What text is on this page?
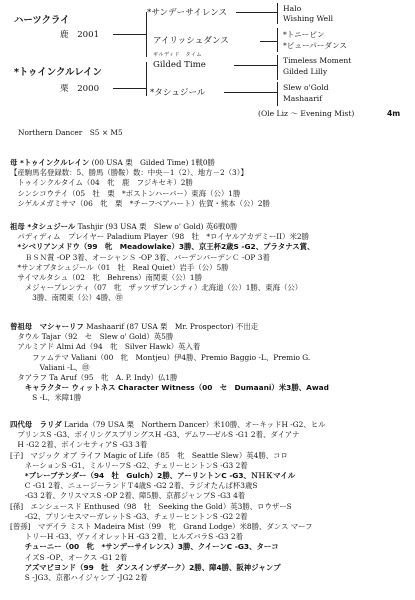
ハーツクライ
鹿　2001
*トゥインクルレイン
栗　2000
*サンデーサイレンス
アイリッシュダンス
ギルディド　タイム
Gilded Time
*タシュジール
Halo
Wishing Well
*トニービン
*ビューパーダンス
Timeless Moment
Gilded Lilly
Slew o'Gold
Mashaarif
(Ole Liz ～ Evening Mist)	4m
Northern Dancer　S5 × M5
母 *トゥインクルレイン (00 USA 栗　Gilded Time) 1戦0勝
【産駒馬名登録数：5、勝馬（勝鞍）数：中央－1（2）、地方－2（3）】
　トゥインクルタイム（04　牝　鹿　フジキセキ）2勝
　シンシコウテイ（05　牡　栗　*ボストンハーバー）東海（公）1勝
　シゲルメガミサマ（06　牝　栗　*チーフベアハート）佐賀・熊本（公）2勝
祖母 *タシュジール Tashjir (93 USA 栗　Slew o' Gold) 英6戦0勝
　パディディム　プレイヤー Paladium Player（98　牡　*ロイヤルアカデミーII）米2勝
　*シベリアンメドウ（99　牝　Meadowlake）3勝、京王杯2歳S -G2、プラタナス賞、
　　ＢＳＮ賞 -OP 3着、オーシャンＳ -OP 3着、バーデンバーデンＣ -OP 3着
　*サンオブタシュジール（01　牡　Real Quiet）岩手（公）5勝
　サイマルタシュ（02　牝　Behrens）南関東（公）1勝
　　メジャープレンティ（07　牝　ザッツザプレンティ）北海道（公）1勝、東海（公）
　　　3勝、南関東（公）4勝、㊞
曾祖母　マシャーリフ Mashaarif (87 USA 栗　Mr. Prospector) 不出走
　タウル Tajar（92　セ　Slew o' Gold）英5勝
　アルミアド Almi Ad（94　牝　Silver Hawk）英入着
　　　ファムテマ Valiani（00　牝　Montjeu）伊4勝、Premio Baggio -L、Premio G.
　　　　Valiani -L、㊞
　タアラフ Ta Aruf（95　牝　A. P. Indy）仏1勝
　　キャラクター ウィットネス Character Witness（00　セ　Dumaani）米3勝、Awad
　　　S -L、米障1勝
四代母　ラリダ Larida（79 USA 栗　Northern Dancer）米10勝、オーキッドH -G2、ヒル
　プリンスS -G3、ボイリングスプリングスH -G3、デムワーゼルS -G1 2着、ダイアナ
　H -G2 2着、ボインセティアS -G3 3着
[子]　マジック オブ ライフ Magic of Life（85　牝　Seattle Slew）英4勝、コロ
　　ネーションS -G1、ミルリーフS -G2、チェリーヒントンS -G3 2着
　　*ブレーブテンダー（94　牡　Gulch）2勝、アーリントンC -G3、ＮＨＫマイル
　　C -G1 2着、ニュージーランドＴ4歳S -G2 2着、ラジオたんぱ杯3歳S
　　-G3 2着、クリスマスS -OP 2着、障5勝、京都ジャンプS -G3 4着
[孫]　エンシュースド Enthused（98　牡　Seeking the Gold）英3勝、ロウザーS
　　-G2、プリンセスマーガレットS -G3、チェリーヒントンS -G2 2着
[曾孫]　マデイラ ミスト Madeira Mist（99　牝　Grand Lodge）米8勝、ダンス マーフ
　　トリーH -G3、ヴァイオレットH -G3 2着、ヒルズバラS -G3 2着
　　チューニー（00　牝　*サンデーサイレンス）3勝、クイーンC -G3、ターコ
　　イズS -OP、オークス -G1 2着
　　アズマビヨンド（99　牡　ダンスインザダーク）2勝、障4勝、阪神ジャンプ
　　S -JG3、京都ハイジャンプ -JG2 2着
